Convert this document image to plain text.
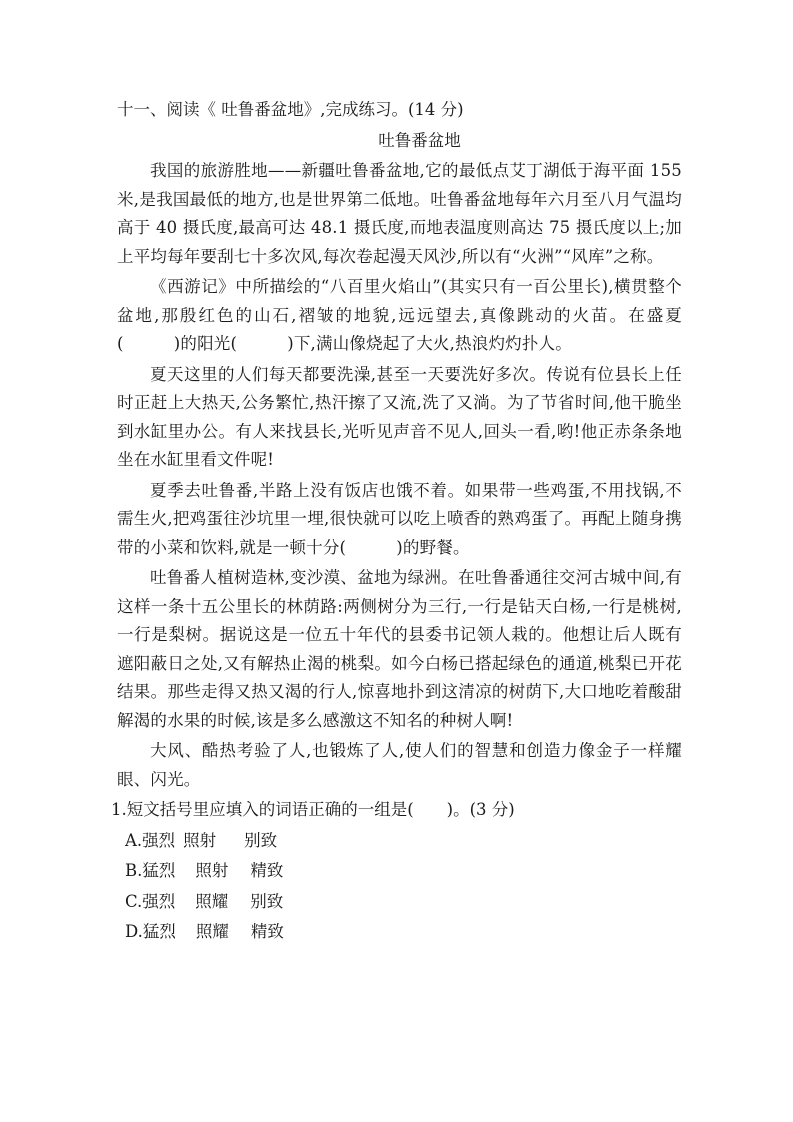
十一、阅读《 吐鲁番盆地》,完成练习。(14 分)
吐鲁番盆地

我国的旅游胜地——新疆吐鲁番盆地,它的最低点艾丁湖低于海平面 155 米,是我国最低的地方,也是世界第二低地。吐鲁番盆地每年六月至八月气温均高于 40 摄氏度,最高可达 48.1 摄氏度,而地表温度则高达 75 摄氏度以上;加上平均每年要刮七十多次风,每次卷起漫天风沙,所以有“火洲”“风库”之称。

《西游记》中所描绘的“八百里火焰山”(其实只有一百公里长),横贯整个盆地,那殷红色的山石,褶皱的地貌,远远望去,真像跳动的火苗。在盛夏(　　　)的阳光(　　　)下,满山像烧起了大火,热浪灼灼扑人。

夏天这里的人们每天都要洗澡,甚至一天要洗好多次。传说有位县长上任时正赶上大热天,公务繁忙,热汗擦了又流,洗了又淌。为了节省时间,他干脆坐到水缸里办公。有人来找县长,光听见声音不见人,回头一看,哟!他正赤条条地坐在水缸里看文件呢!

夏季去吐鲁番,半路上没有饭店也饿不着。如果带一些鸡蛋,不用找锅,不需生火,把鸡蛋往沙坑里一埋,很快就可以吃上喷香的熟鸡蛋了。再配上随身携带的小菜和饮料,就是一顿十分(　　　)的野餐。

吐鲁番人植树造林,变沙漠、盆地为绿洲。在吐鲁番通往交河古城中间,有这样一条十五公里长的林荫路:两侧树分为三行,一行是钻天白杨,一行是桃树,一行是梨树。据说这是一位五十年代的县委书记领人栽的。他想让后人既有遮阳蔽日之处,又有解热止渴的桃梨。如今白杨已搭起绿色的通道,桃梨已开花结果。那些走得又热又渴的行人,惊喜地扑到这清凉的树荫下,大口地吃着酸甜解渴的水果的时候,该是多么感激这不知名的种树人啊!

大风、酷热考验了人,也锻炼了人,使人们的智慧和创造力像金子一样耀眼、闪光。

1.短文括号里应填入的词语正确的一组是(　　)。(3 分)
A.强烈 照射 别致
B.猛烈 照射 精致
C.强烈 照耀 别致
D.猛烈 照耀 精致
